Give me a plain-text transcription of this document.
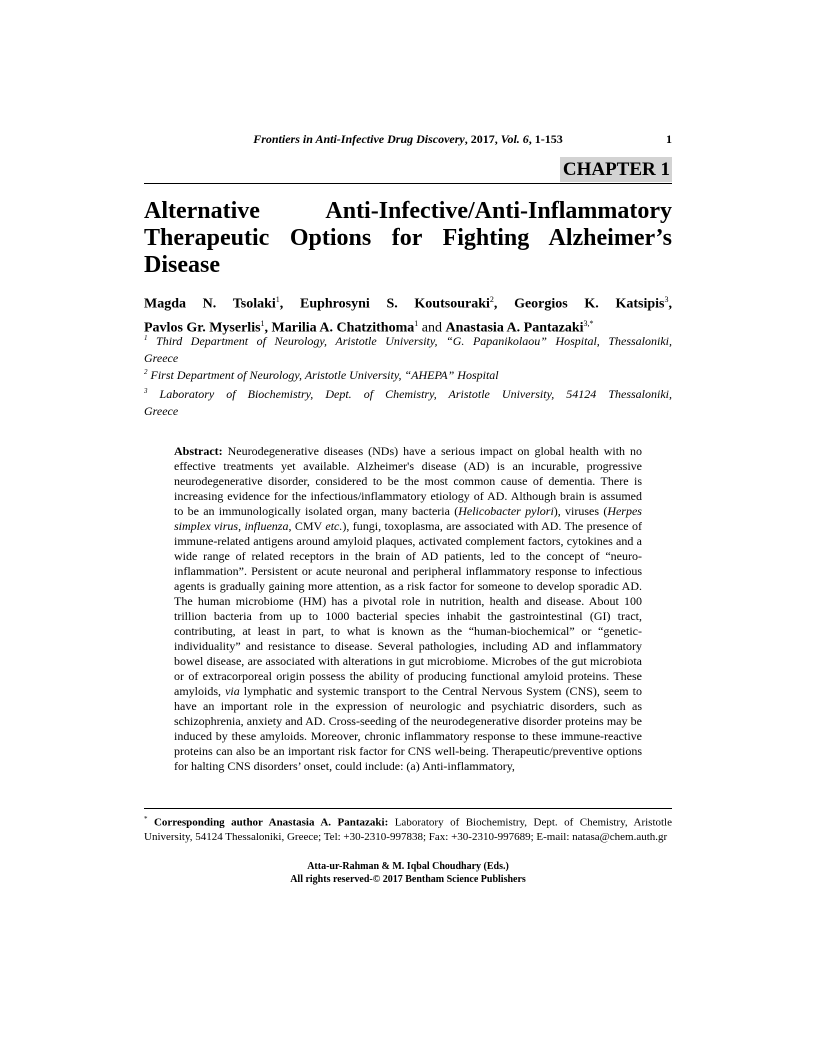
Frontiers in Anti-Infective Drug Discovery, 2017, Vol. 6, 1-153	1
CHAPTER 1
Alternative Anti-Infective/Anti-Inflammatory
Therapeutic Options for Fighting Alzheimer’s
Disease
Magda N. Tsolaki$^1$, Euphrosyni S. Koutsouraki$^2$, Georgios K. Katsipis$^3$,
Pavlos Gr. Myserlis$^1$, Marilia A. Chatzithoma$^1$ and Anastasia A. Pantazaki$^{3,*}$
$^1$ Third Department of Neurology, Aristotle University, “G. Papanikolaou” Hospital, Thessaloniki,
Greece
$^2$ First Department of Neurology, Aristotle University, “AHEPA” Hospital
$^3$ Laboratory of Biochemistry, Dept. of Chemistry, Aristotle University, 54124 Thessaloniki,
Greece

Abstract: Neurodegenerative diseases (NDs) have a serious impact on global health with no effective treatments yet available. Alzheimer's disease (AD) is an incurable, progressive neurodegenerative disorder, considered to be the most common cause of dementia. There is increasing evidence for the infectious/inflammatory etiology of AD. Although brain is assumed to be an immunologically isolated organ, many bacteria (Helicobacter pylori), viruses (Herpes simplex virus, influenza, CMV etc.), fungi, toxoplasma, are associated with AD. The presence of immune-related antigens around amyloid plaques, activated complement factors, cytokines and a wide range of related receptors in the brain of AD patients, led to the concept of “neuro-inflammation”. Persistent or acute neuronal and peripheral inflammatory response to infectious agents is gradually gaining more attention, as a risk factor for someone to develop sporadic AD. The human microbiome (HM) has a pivotal role in nutrition, health and disease. About 100 trillion bacteria from up to 1000 bacterial species inhabit the gastrointestinal (GI) tract, contributing, at least in part, to what is known as the “human-biochemical” or “genetic-individuality” and resistance to disease. Several pathologies, including AD and inflammatory bowel disease, are associated with alterations in gut microbiome. Microbes of the gut microbiota or of extracorporeal origin possess the ability of producing functional amyloid proteins. These amyloids, via lymphatic and systemic transport to the Central Nervous System (CNS), seem to have an important role in the expression of neurologic and psychiatric disorders, such as schizophrenia, anxiety and AD. Cross-seeding of the neurodegenerative disorder proteins may be induced by these amyloids. Moreover, chronic inflammatory response to these immune-reactive proteins can also be an important risk factor for CNS well-being. Therapeutic/preventive options for halting CNS disorders’ onset, could include: (a) Anti-inflammatory,

* Corresponding author Anastasia A. Pantazaki: Laboratory of Biochemistry, Dept. of Chemistry, Aristotle University, 54124 Thessaloniki, Greece; Tel: +30-2310-997838; Fax: +30-2310-997689; E-mail: natasa@chem.auth.gr
Atta-ur-Rahman & M. Iqbal Choudhary (Eds.)
All rights reserved-© 2017 Bentham Science Publishers
